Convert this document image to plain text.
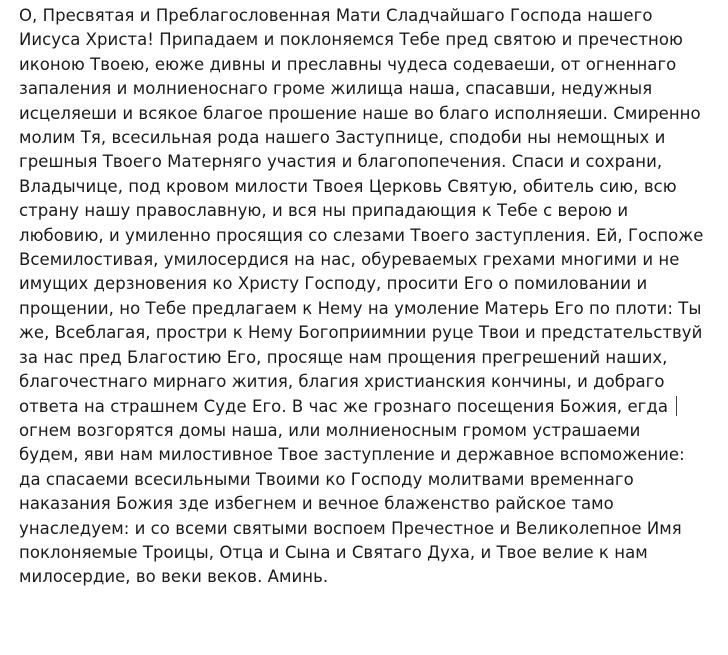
О, Пресвятая и Преблагословенная Мати Сладчайшаго Господа нашего
Иисуса Христа! Припадаем и поклоняемся Тебе пред святою и пречестною
иконою Твоею, еюже дивны и преславны чудеса содеваеши, от огненнаго
запаления и молниеноснаго громе жилища наша, спасавши, недужныя
исцеляеши и всякое благое прошение наше во благо исполняеши. Смиренно
молим Тя, всесильная рода нашего Заступнице, сподоби ны немощных и
грешныя Твоего Матерняго участия и благопопечения. Спаси и сохрани,
Владычице, под кровом милости Твоея Церковь Святую, обитель сию, всю
страну нашу православную, и вся ны припадающия к Тебе с верою и
любовию, и умиленно просящия со слезами Твоего заступления. Ей, Госпоже
Всемилостивая, умилосердися на нас, обуреваемых грехами многими и не
имущих дерзновения ко Христу Господу, просити Его о помиловании и
прощении, но Тебе предлагаем к Нему на умоление Матерь Его по плоти: Ты
же, Всеблагая, простри к Нему Богоприимнии руце Твои и предстательствуй
за нас пред Благостию Его, просяще нам прощения прегрешений наших,
благочестнаго мирнаго жития, благия христианския кончины, и добраго
ответа на страшнем Суде Его. В час же грознаго посещения Божия, егда
огнем возгорятся домы наша, или молниеносным громом устрашаеми
будем, яви нам милостивное Твое заступление и державное вспоможение:
да спасаеми всесильными Твоими ко Господу молитвами временнаго
наказания Божия зде избегнем и вечное блаженство райское тамо
унаследуем: и со всеми святыми воспоем Пречестное и Великолепное Имя
поклоняемые Троицы, Отца и Сына и Святаго Духа, и Твое велие к нам
милосердие, во веки веков. Аминь.
